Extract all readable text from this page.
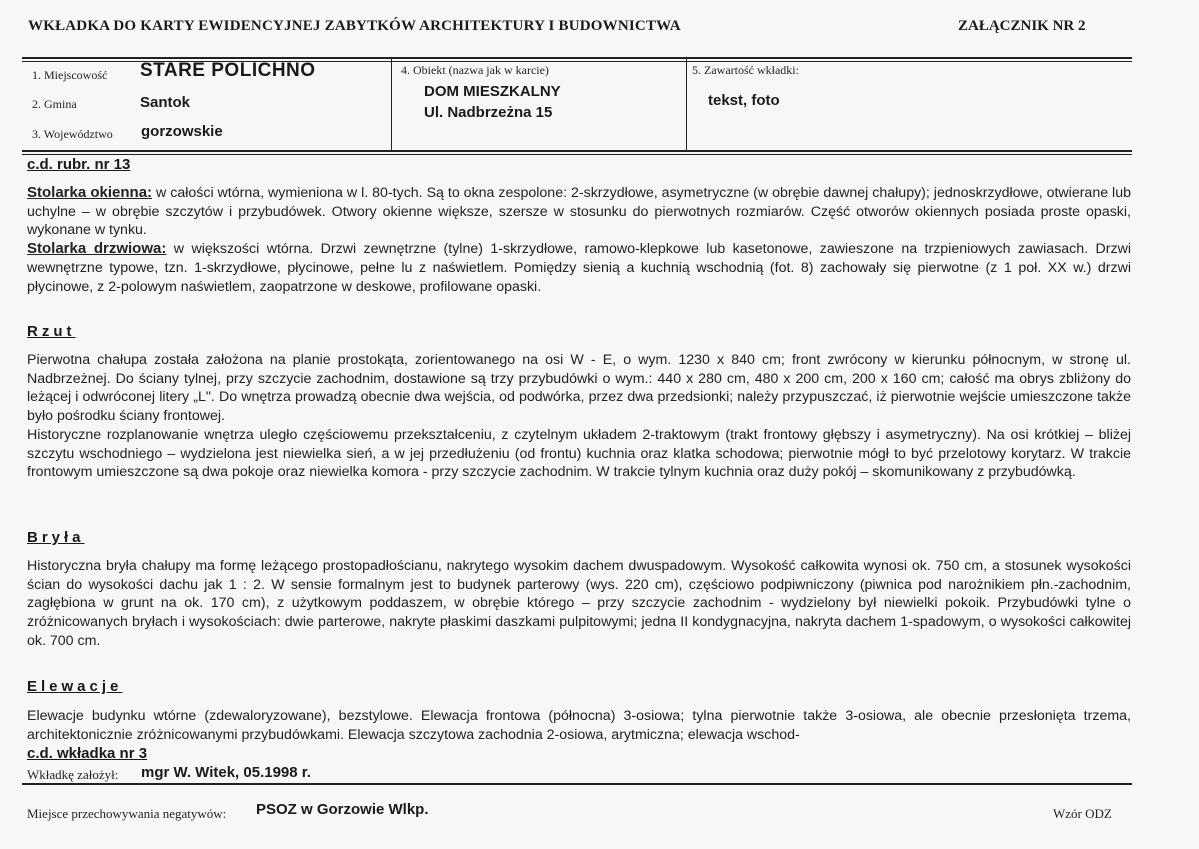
WKŁADKA DO KARTY EWIDENCYJNEJ ZABYTKÓW ARCHITEKTURY I BUDOWNICTWA	ZAŁĄCZNIK NR 2
1. Miejscowość STARE POLICHNO
2. Gmina	Santok
3. Województwo gorzowskie
4. Obiekt (nazwa jak w karcie)
DOM MIESZKALNY
Ul. Nadbrzeżna 15
5. Zawartość wkładki:
tekst, foto
c.d. rubr. nr 13

Stolarka okienna: w całości wtórna, wymieniona w l. 80-tych. Są to okna zespolone: 2-skrzydłowe, asymetryczne (w obrębie dawnej chałupy); jednoskrzydłowe, otwierane lub uchylne – w obrębie szczytów i przybudówek. Otwory okienne większe, szersze w stosunku do pierwotnych rozmiarów. Część otworów okiennych posiada proste opaski, wykonane w tynku.

Stolarka drzwiowa: w większości wtórna. Drzwi zewnętrzne (tylne) 1-skrzydłowe, ramowo-klepkowe lub kasetonowe, zawieszone na trzpieniowych zawiasach. Drzwi wewnętrzne typowe, tzn. 1-skrzydłowe, płycinowe, pełne lu z naświetlem. Pomiędzy sienią a kuchnią wschodnią (fot. 8) zachowały się pierwotne (z 1 poł. XX w.) drzwi płycinowe, z 2-polowym naświetlem, zaopatrzone w deskowe, profilowane opaski.

Rzut

Pierwotna chałupa została założona na planie prostokąta, zorientowanego na osi W - E, o wym. 1230 x 840 cm; front zwrócony w kierunku północnym, w stronę ul. Nadbrzeżnej. Do ściany tylnej, przy szczycie zachodnim, dostawione są trzy przybudówki o wym.: 440 x 280 cm, 480 x 200 cm, 200 x 160 cm; całość ma obrys zbliżony do leżącej i odwróconej litery „L". Do wnętrza prowadzą obecnie dwa wejścia, od podwórka, przez dwa przedsionki; należy przypuszczać, iż pierwotnie wejście umieszczone także było pośrodku ściany frontowej.

Historyczne rozplanowanie wnętrza uległo częściowemu przekształceniu, z czytelnym układem 2-traktowym (trakt frontowy głębszy i asymetryczny). Na osi krótkiej – bliżej szczytu wschodniego – wydzielona jest niewielka sień, a w jej przedłużeniu (od frontu) kuchnia oraz klatka schodowa; pierwotnie mógł to być przelotowy korytarz. W trakcie frontowym umieszczone są dwa pokoje oraz niewielka komora - przy szczycie zachodnim. W trakcie tylnym kuchnia oraz duży pokój – skomunikowany z przybudówką.

Bryła

Historyczna bryła chałupy ma formę leżącego prostopadłościanu, nakrytego wysokim dachem dwuspadowym. Wysokość całkowita wynosi ok. 750 cm, a stosunek wysokości ścian do wysokości dachu jak 1 : 2. W sensie formalnym jest to budynek parterowy (wys. 220 cm), częściowo podpiwniczony (piwnica pod narożnikiem płn.-zachodnim, zagłębiona w grunt na ok. 170 cm), z użytkowym poddaszem, w obrębie którego – przy szczycie zachodnim - wydzielony był niewielki pokoik. Przybudówki tylne o zróżnicowanych bryłach i wysokościach: dwie parterowe, nakryte płaskimi daszkami pulpitowymi; jedna II kondygnacyjna, nakryta dachem 1-spadowym, o wysokości całkowitej ok. 700 cm.

Elewacje

Elewacje budynku wtórne (zdewaloryzowane), bezstylowe. Elewacja frontowa (północna) 3-osiowa; tylna pierwotnie także 3-osiowa, ale obecnie przesłonięta trzema, architektonicznie zróżnicowanymi przybudówkami. Elewacja szczytowa zachodnia 2-osiowa, arytmiczna; elewacja wschod-

c.d. wkładka nr 3
Wkładkę założył: mgr W. Witek, 05.1998 r.
Miejsce przechowywania negatywów: PSOZ w Gorzowie Wlkp.	Wzór ODZ
